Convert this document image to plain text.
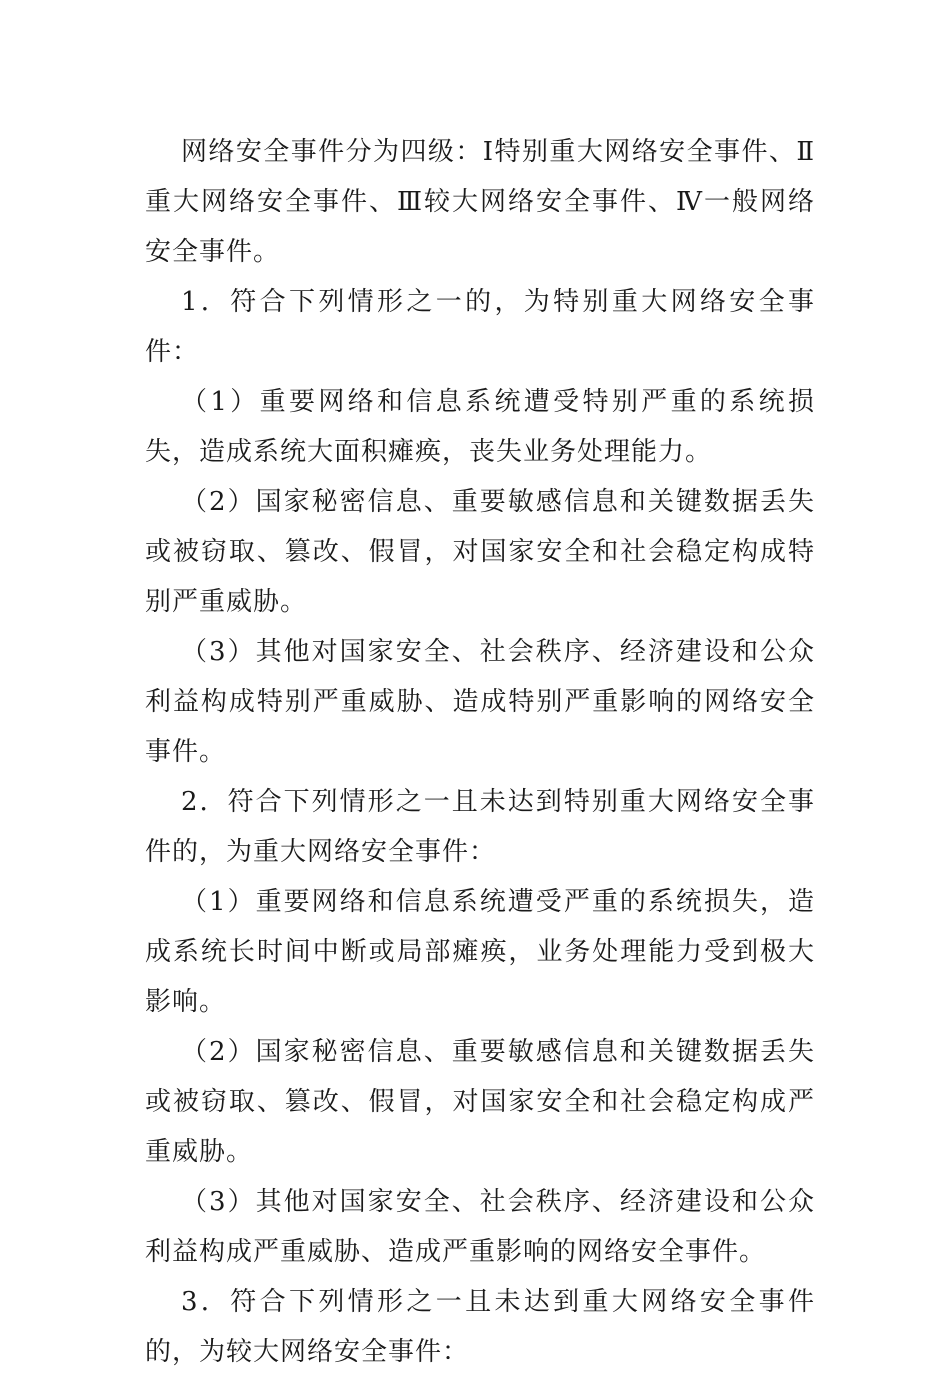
网络安全事件分为四级：Ⅰ特别重大网络安全事件、Ⅱ重大网络安全事件、Ⅲ较大网络安全事件、Ⅳ一般网络安全事件。

1．符合下列情形之一的，为特别重大网络安全事件：

（1）重要网络和信息系统遭受特别严重的系统损失，造成系统大面积瘫痪，丧失业务处理能力。

（2）国家秘密信息、重要敏感信息和关键数据丢失或被窃取、篡改、假冒，对国家安全和社会稳定构成特别严重威胁。

（3）其他对国家安全、社会秩序、经济建设和公众利益构成特别严重威胁、造成特别严重影响的网络安全事件。

2．符合下列情形之一且未达到特别重大网络安全事件的，为重大网络安全事件：

（1）重要网络和信息系统遭受严重的系统损失，造成系统长时间中断或局部瘫痪，业务处理能力受到极大影响。

（2）国家秘密信息、重要敏感信息和关键数据丢失或被窃取、篡改、假冒，对国家安全和社会稳定构成严重威胁。

（3）其他对国家安全、社会秩序、经济建设和公众利益构成严重威胁、造成严重影响的网络安全事件。

3．符合下列情形之一且未达到重大网络安全事件的，为较大网络安全事件：
